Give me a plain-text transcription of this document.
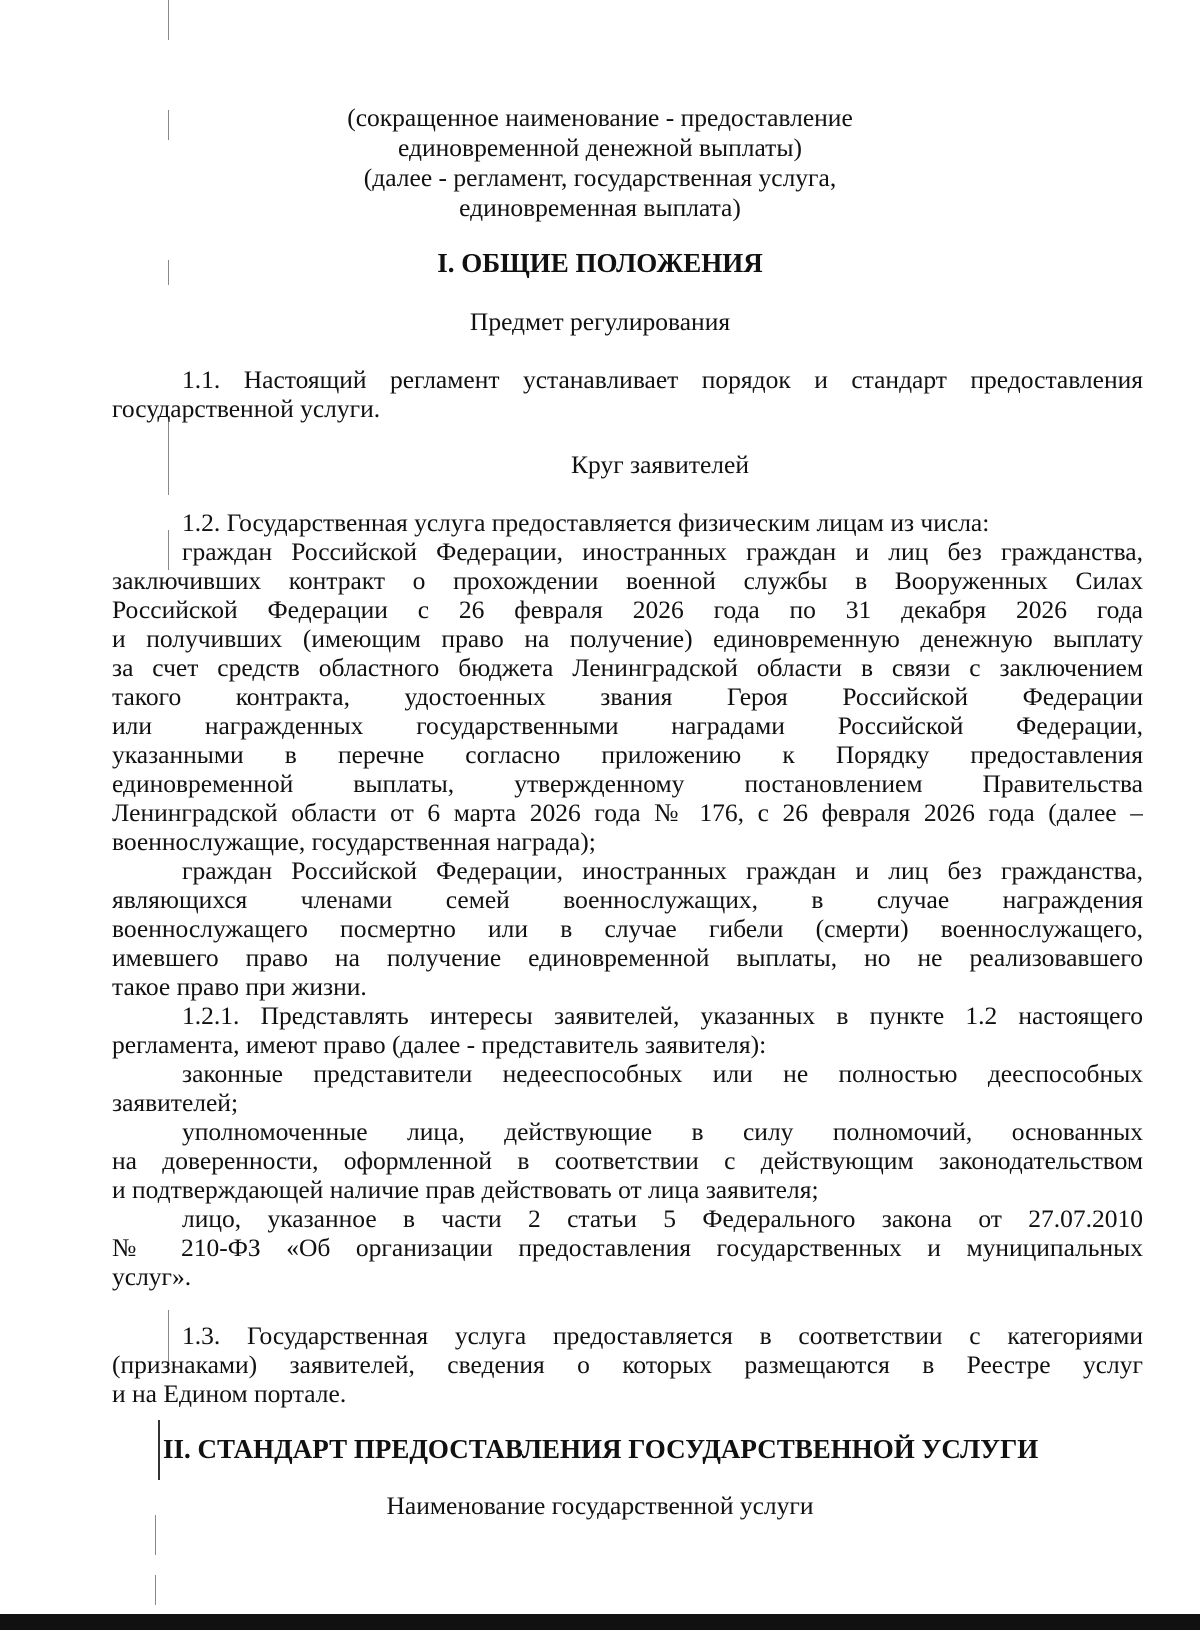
(сокращенное наименование - предоставление
единовременной денежной выплаты)
(далее - регламент, государственная услуга,
единовременная выплата)
I. ОБЩИЕ ПОЛОЖЕНИЯ
Предмет регулирования
1.1. Настоящий регламент устанавливает порядок и стандарт предоставления
государственной услуги.
Круг заявителей
1.2. Государственная услуга предоставляется физическим лицам из числа:
граждан Российской Федерации, иностранных граждан и лиц без гражданства,
заключивших контракт о прохождении военной службы в Вооруженных Силах
Российской Федерации с 26 февраля 2026 года по 31 декабря 2026 года
и получивших (имеющим право на получение) единовременную денежную выплату
за счет средств областного бюджета Ленинградской области в связи с заключением
такого контракта, удостоенных звания Героя Российской Федерации
или награжденных государственными наградами Российской Федерации,
указанными в перечне согласно приложению к Порядку предоставления
единовременной выплаты, утвержденному постановлением Правительства
Ленинградской области от 6 марта 2026 года № 176, с 26 февраля 2026 года (далее –
военнослужащие, государственная награда);
граждан Российской Федерации, иностранных граждан и лиц без гражданства,
являющихся членами семей военнослужащих, в случае награждения
военнослужащего посмертно или в случае гибели (смерти) военнослужащего,
имевшего право на получение единовременной выплаты, но не реализовавшего
такое право при жизни.
1.2.1. Представлять интересы заявителей, указанных в пункте 1.2 настоящего
регламента, имеют право (далее - представитель заявителя):
законные представители недееспособных или не полностью дееспособных
заявителей;
уполномоченные лица, действующие в силу полномочий, основанных
на доверенности, оформленной в соответствии с действующим законодательством
и подтверждающей наличие прав действовать от лица заявителя;
лицо, указанное в части 2 статьи 5 Федерального закона от 27.07.2010
№ 210-ФЗ «Об организации предоставления государственных и муниципальных
услуг».
1.3. Государственная услуга предоставляется в соответствии с категориями
(признаками) заявителей, сведения о которых размещаются в Реестре услуг
и на Едином портале.
II. СТАНДАРТ ПРЕДОСТАВЛЕНИЯ ГОСУДАРСТВЕННОЙ УСЛУГИ
Наименование государственной услуги
